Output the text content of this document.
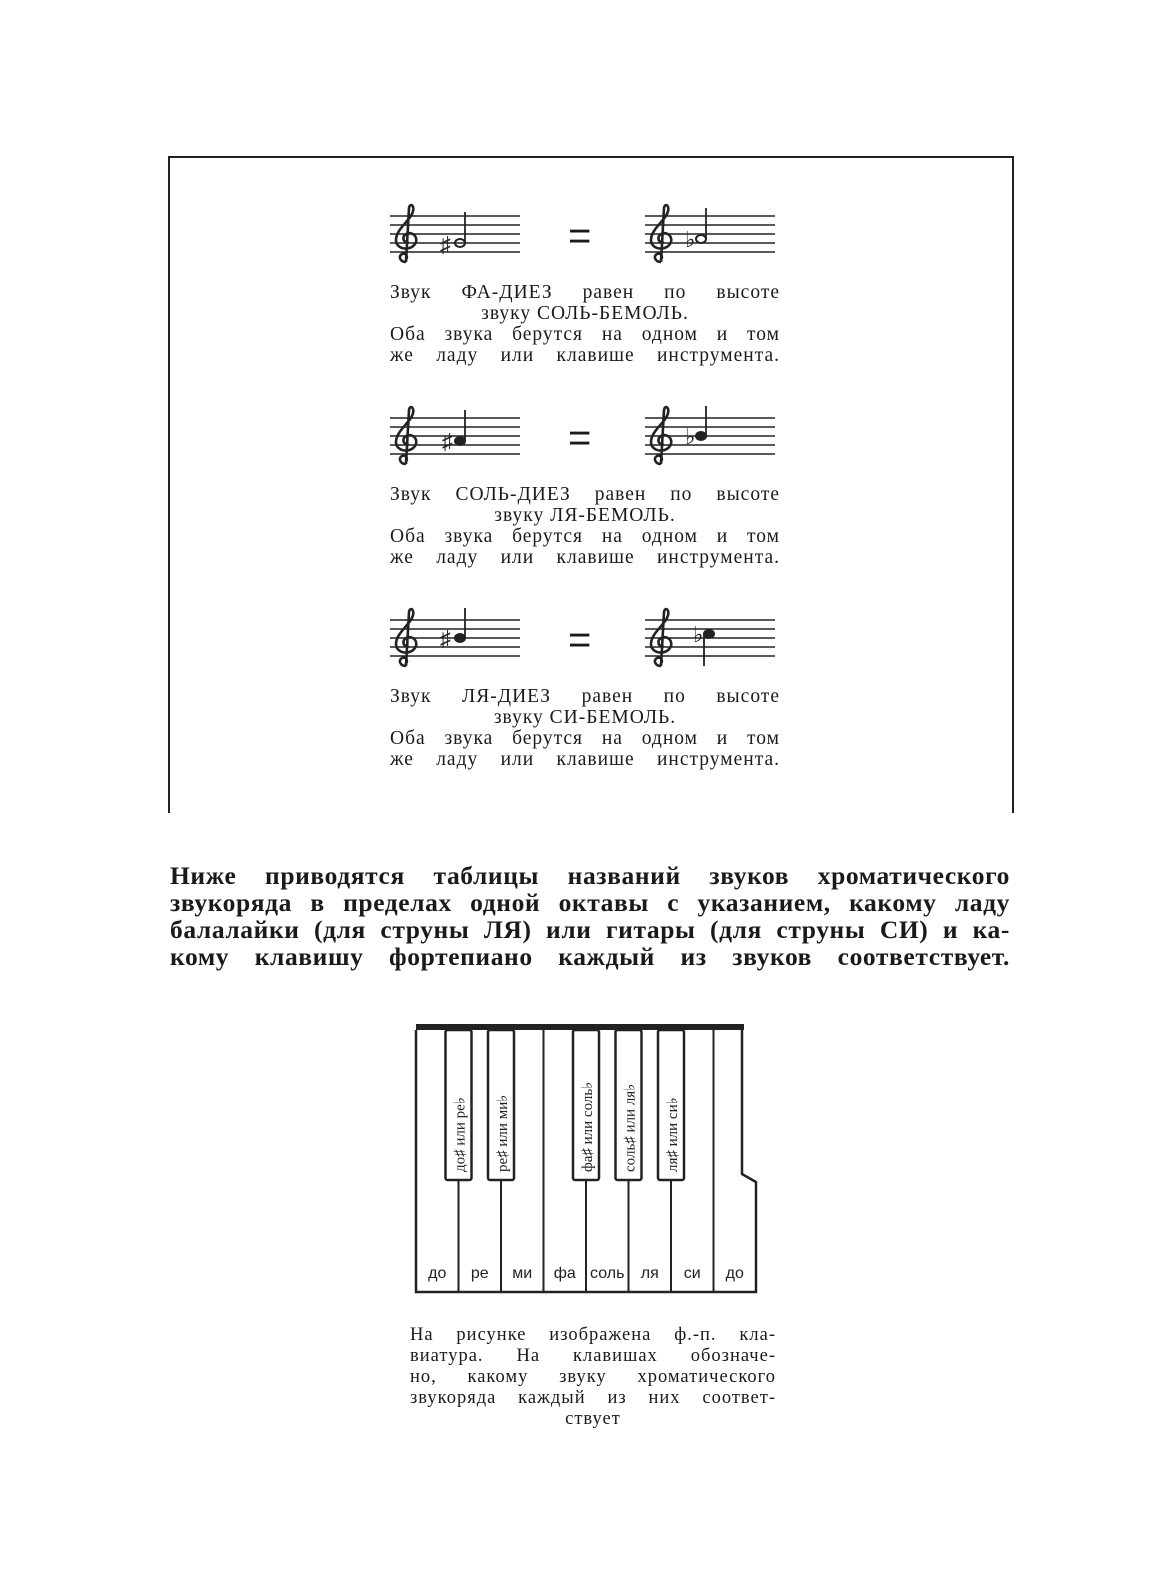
♯	=	♭
Звук ФА-ДИЕЗ равен по высоте
звуку СОЛЬ-БЕМОЛЬ.
Оба звука берутся на одном и том
же ладу или клавише инструмента.
♯	=	♭
Звук СОЛЬ-ДИЕЗ равен по высоте
звуку ЛЯ-БЕМОЛЬ.
Оба звука берутся на одном и том
же ладу или клавише инструмента.
♯	=	♭
Звук ЛЯ-ДИЕЗ равен по высоте
звуку СИ-БЕМОЛЬ.
Оба звука берутся на одном и том
же ладу или клавише инструмента.
Ниже приводятся таблицы названий звуков хроматического
звукоряда в пределах одной октавы с указанием, какому ладу
балалайки (для струны ЛЯ) или гитары (для струны СИ) и ка-
кому клавишу фортепиано каждый из звуков соответствует.
до ре ми фа соль ля си до
до♯ или ре♭ ре♯ или ми♭	фа♯ или соль♭ соль♯ или ля♭ ля♯ или си♭
На рисунке изображена ф.-п. кла-
виатура. На клавишах обозначе-
но, какому звуку хроматического
звукоряда каждый из них соответ-
ствует
